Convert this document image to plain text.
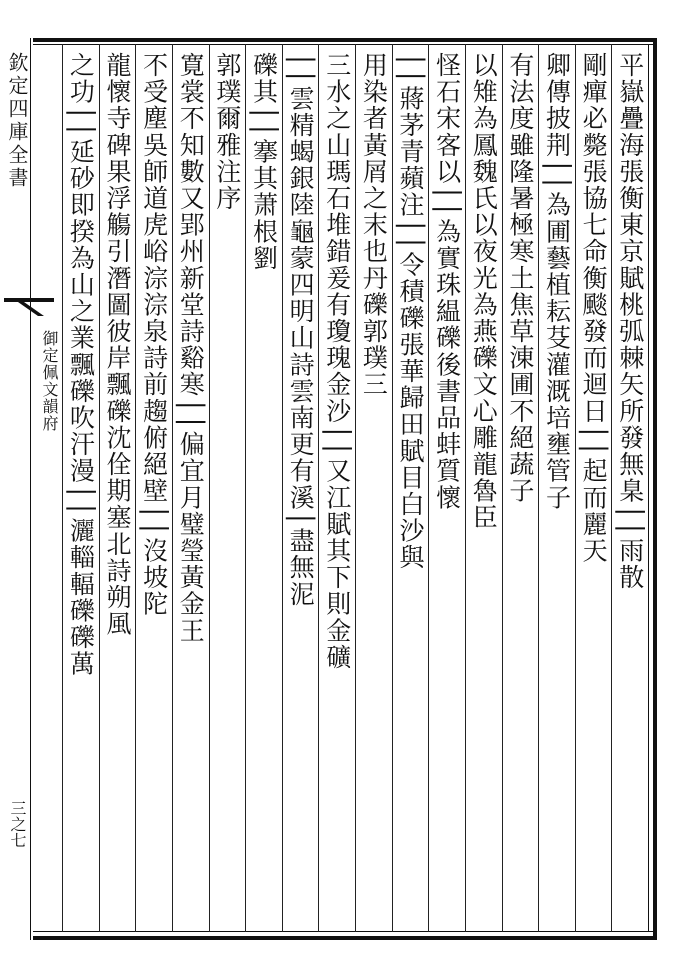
欽定四庫全書
御定佩文韻府
三之七
平嶽疊海張衡東京賦桃弧棘矢所發無臬││雨散
剛癉必斃張協七命衡颷發而迴日││起而麗天
卿傳披荆││為圃藝植耘芟灌溉培壅管子
有法度雖隆暑極寒土焦草涷圃不絕蔬子
以雉為鳳魏氏以夜光為燕礫文心雕龍魯臣
怪石宋客以││為實珠緼礫後書品蚌質懷
││蔣茅青蘋注││令積礫張華歸田賦目白沙與
用染者黃屑之末也丹礫郭璞三
三水之山瑪石堆錯爰有瓊瑰金沙││又江賦其下則金礦
││雲精蝎銀陸龜蒙四明山詩雲南更有溪│盡無泥
礫其││搴其萧根劉
郭璞爾雅注序
寛裳不知數又郢州新堂詩谿寒││偏宜月璧瑩黃金王
不受塵吳師道虎峪淙淙泉詩前趨俯絕壁││沒坡陀
龍懷寺碑果浮觴引潛圖彼岸飄礫沈佺期塞北詩朔風
之功││延砂即揆為山之業飄礫吹汗漫││灑輜輻礫礫萬
